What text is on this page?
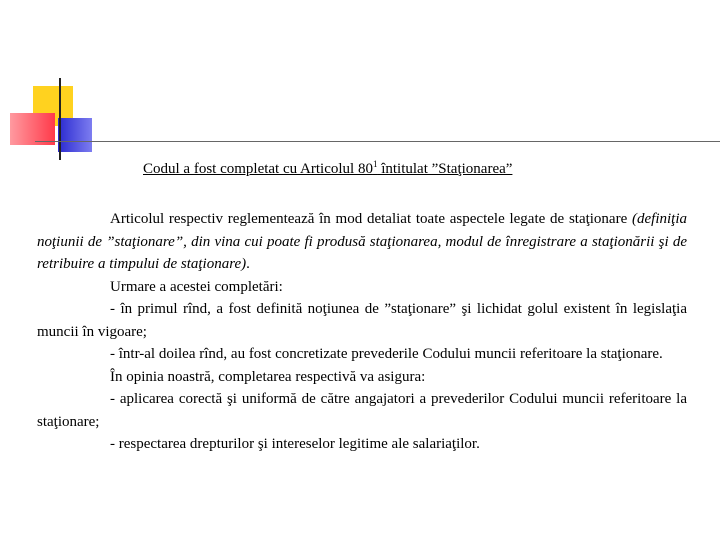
Codul a fost completat cu Articolul $80^1$ întitulat ”Staţionarea”

Articolul respectiv reglementează în mod detaliat toate aspectele legate de staţionare (definiţia noţiunii de ”staţionare”, din vina cui poate fi produsă staţionarea, modul de înregistrare a staţionării şi de retribuire a timpului de staţionare).

Urmare a acestei completări:

- în primul rînd, a fost definită noţiunea de ”staţionare” şi lichidat golul existent în legislaţia muncii în vigoare;

- într-al doilea rînd, au fost concretizate prevederile Codului muncii referitoare la staţionare.

În opinia noastră, completarea respectivă va asigura:

- aplicarea corectă şi uniformă de către angajatori a prevederilor Codului muncii referitoare la staţionare;

- respectarea drepturilor şi intereselor legitime ale salariaţilor.
